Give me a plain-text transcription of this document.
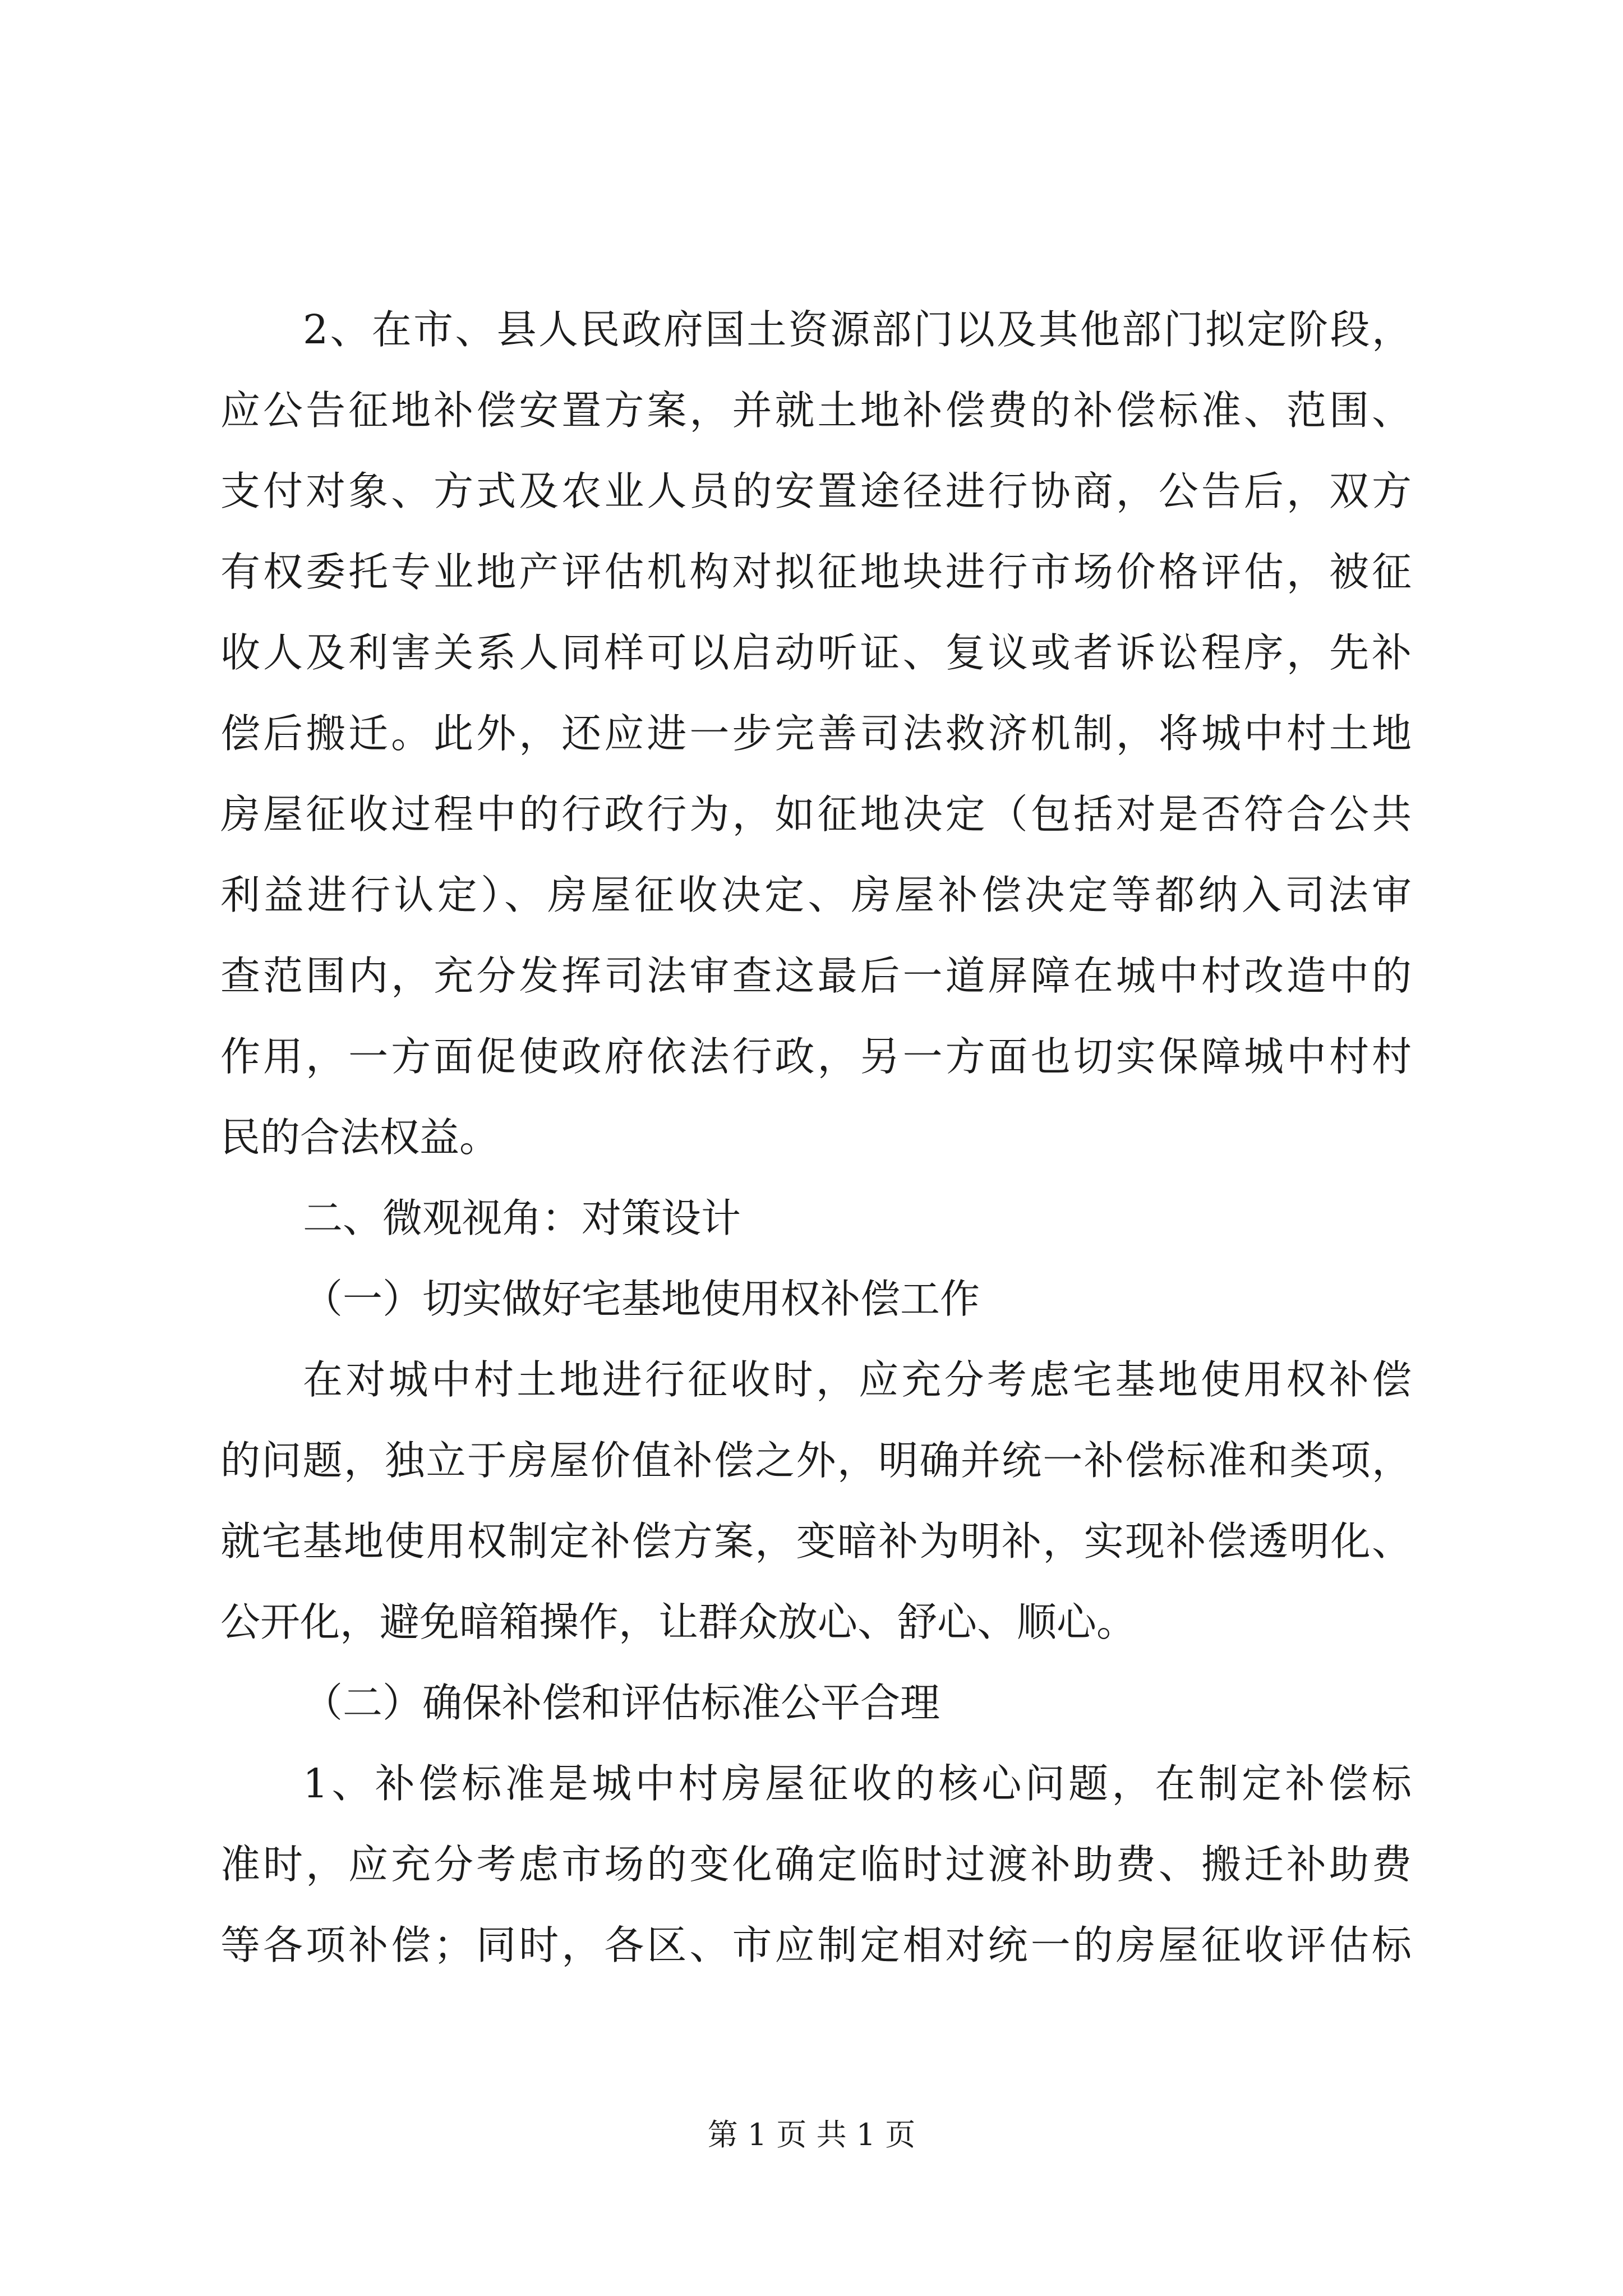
2、在市、县人民政府国土资源部门以及其他部门拟定阶段，

应公告征地补偿安置方案，并就土地补偿费的补偿标准、范围、

支付对象、方式及农业人员的安置途径进行协商，公告后，双方

有权委托专业地产评估机构对拟征地块进行市场价格评估，被征

收人及利害关系人同样可以启动听证、复议或者诉讼程序，先补

偿后搬迁。此外，还应进一步完善司法救济机制，将城中村土地

房屋征收过程中的行政行为，如征地决定（包括对是否符合公共

利益进行认定）、房屋征收决定、房屋补偿决定等都纳入司法审

查范围内，充分发挥司法审查这最后一道屏障在城中村改造中的

作用，一方面促使政府依法行政，另一方面也切实保障城中村村

民的合法权益。

二、微观视角：对策设计

（一）切实做好宅基地使用权补偿工作

在对城中村土地进行征收时，应充分考虑宅基地使用权补偿

的问题，独立于房屋价值补偿之外，明确并统一补偿标准和类项，

就宅基地使用权制定补偿方案，变暗补为明补，实现补偿透明化、

公开化，避免暗箱操作，让群众放心、舒心、顺心。

（二）确保补偿和评估标准公平合理

1、补偿标准是城中村房屋征收的核心问题，在制定补偿标

准时，应充分考虑市场的变化确定临时过渡补助费、搬迁补助费

等各项补偿；同时，各区、市应制定相对统一的房屋征收评估标

第 1 页 共 1 页
